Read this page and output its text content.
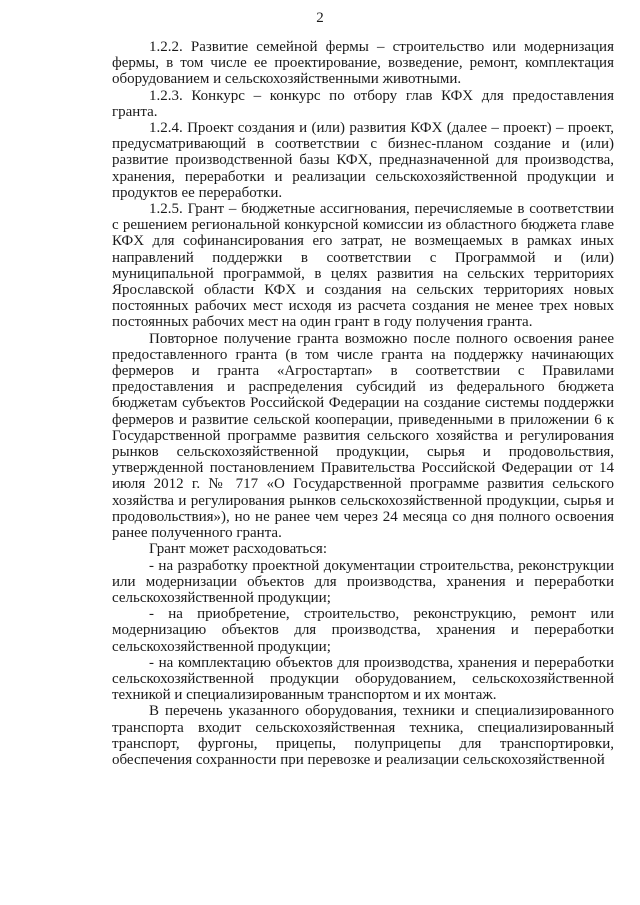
2

1.2.2. Развитие семейной фермы – строительство или модернизация фермы, в том числе ее проектирование, возведение, ремонт, комплектация оборудованием и сельскохозяйственными животными.

1.2.3. Конкурс – конкурс по отбору глав КФХ для предоставления гранта.

1.2.4. Проект создания и (или) развития КФХ (далее – проект) – проект, предусматривающий в соответствии с бизнес-планом создание и (или) развитие производственной базы КФХ, предназначенной для производства, хранения, переработки и реализации сельскохозяйственной продукции и продуктов ее переработки.

1.2.5. Грант – бюджетные ассигнования, перечисляемые в соответствии с решением региональной конкурсной комиссии из областного бюджета главе КФХ для софинансирования его затрат, не возмещаемых в рамках иных направлений поддержки в соответствии с Программой и (или) муниципальной программой, в целях развития на сельских территориях Ярославской области КФХ и создания на сельских территориях новых постоянных рабочих мест исходя из расчета создания не менее трех новых постоянных рабочих мест на один грант в году получения гранта.

Повторное получение гранта возможно после полного освоения ранее предоставленного гранта (в том числе гранта на поддержку начинающих фермеров и гранта «Агростартап» в соответствии с Правилами предоставления и распределения субсидий из федерального бюджета бюджетам субъектов Российской Федерации на создание системы поддержки фермеров и развитие сельской кооперации, приведенными в приложении 6 к Государственной программе развития сельского хозяйства и регулирования рынков сельскохозяйственной продукции, сырья и продовольствия, утвержденной постановлением Правительства Российской Федерации от 14 июля 2012 г. № 717 «О Государственной программе развития сельского хозяйства и регулирования рынков сельскохозяйственной продукции, сырья и продовольствия»), но не ранее чем через 24 месяца со дня полного освоения ранее полученного гранта.

Грант может расходоваться:

- на разработку проектной документации строительства, реконструкции или модернизации объектов для производства, хранения и переработки сельскохозяйственной продукции;

- на приобретение, строительство, реконструкцию, ремонт или модернизацию объектов для производства, хранения и переработки сельскохозяйственной продукции;

- на комплектацию объектов для производства, хранения и переработки сельскохозяйственной продукции оборудованием, сельскохозяйственной техникой и специализированным транспортом и их монтаж.

В перечень указанного оборудования, техники и специализированного транспорта входит сельскохозяйственная техника, специализированный транспорт, фургоны, прицепы, полуприцепы для транспортировки, обеспечения сохранности при перевозке и реализации сельскохозяйственной
